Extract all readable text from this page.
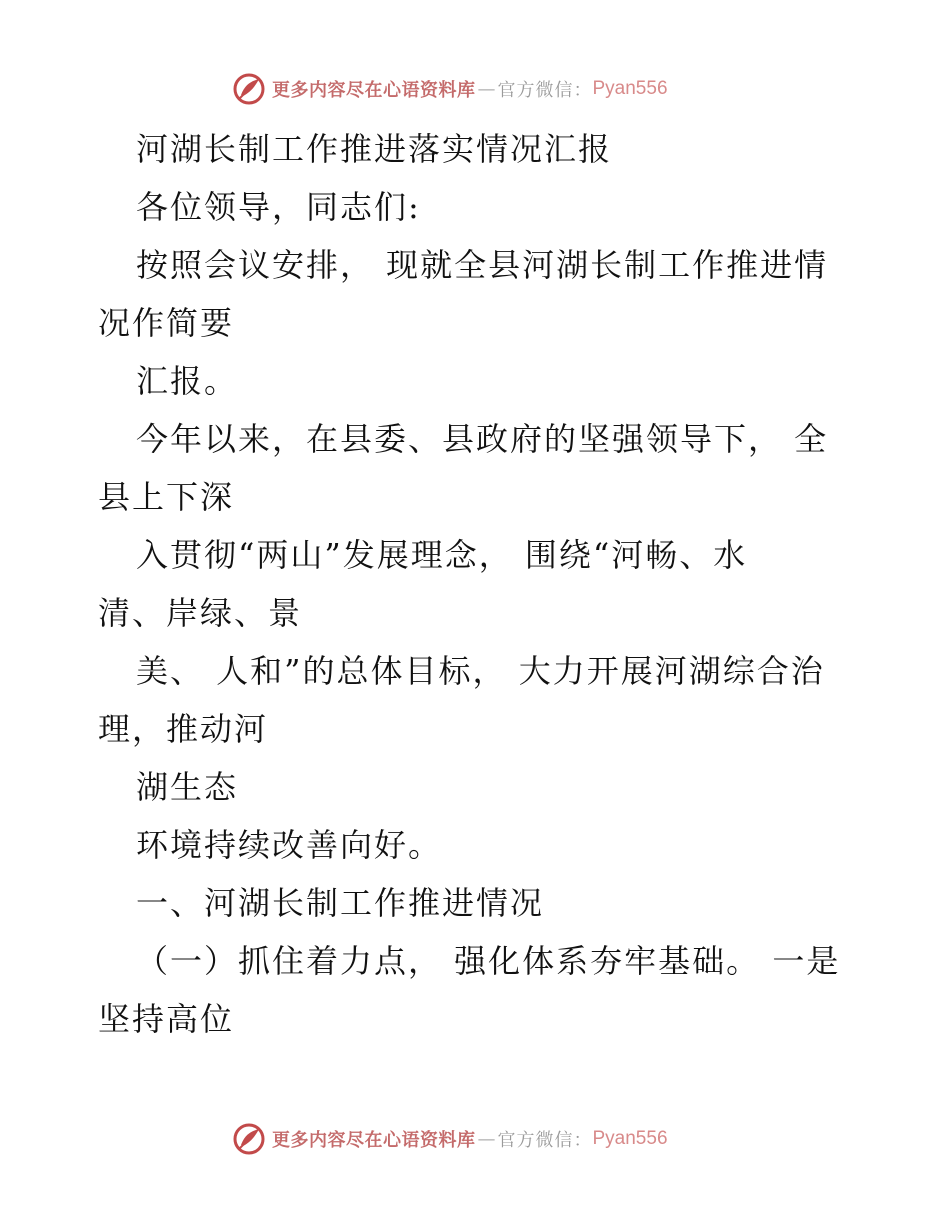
更多内容尽在心语资料库 — 官方微信： Pyan556
河湖长制工作推进落实情况汇报
各位领导，同志们:
按照会议安排， 现就全县河湖长制工作推进情
况作简要
汇报。
今年以来，在县委、县政府的坚强领导下， 全
县上下深
入贯彻“两山”发展理念， 围绕“河畅、水
清、岸绿、景
美、 人和”的总体目标， 大力开展河湖综合治
理，推动河
湖生态
环境持续改善向好。
一、河湖长制工作推进情况
（一）抓住着力点， 强化体系夯牢基础。 一是
坚持高位
更多内容尽在心语资料库 — 官方微信： Pyan556
